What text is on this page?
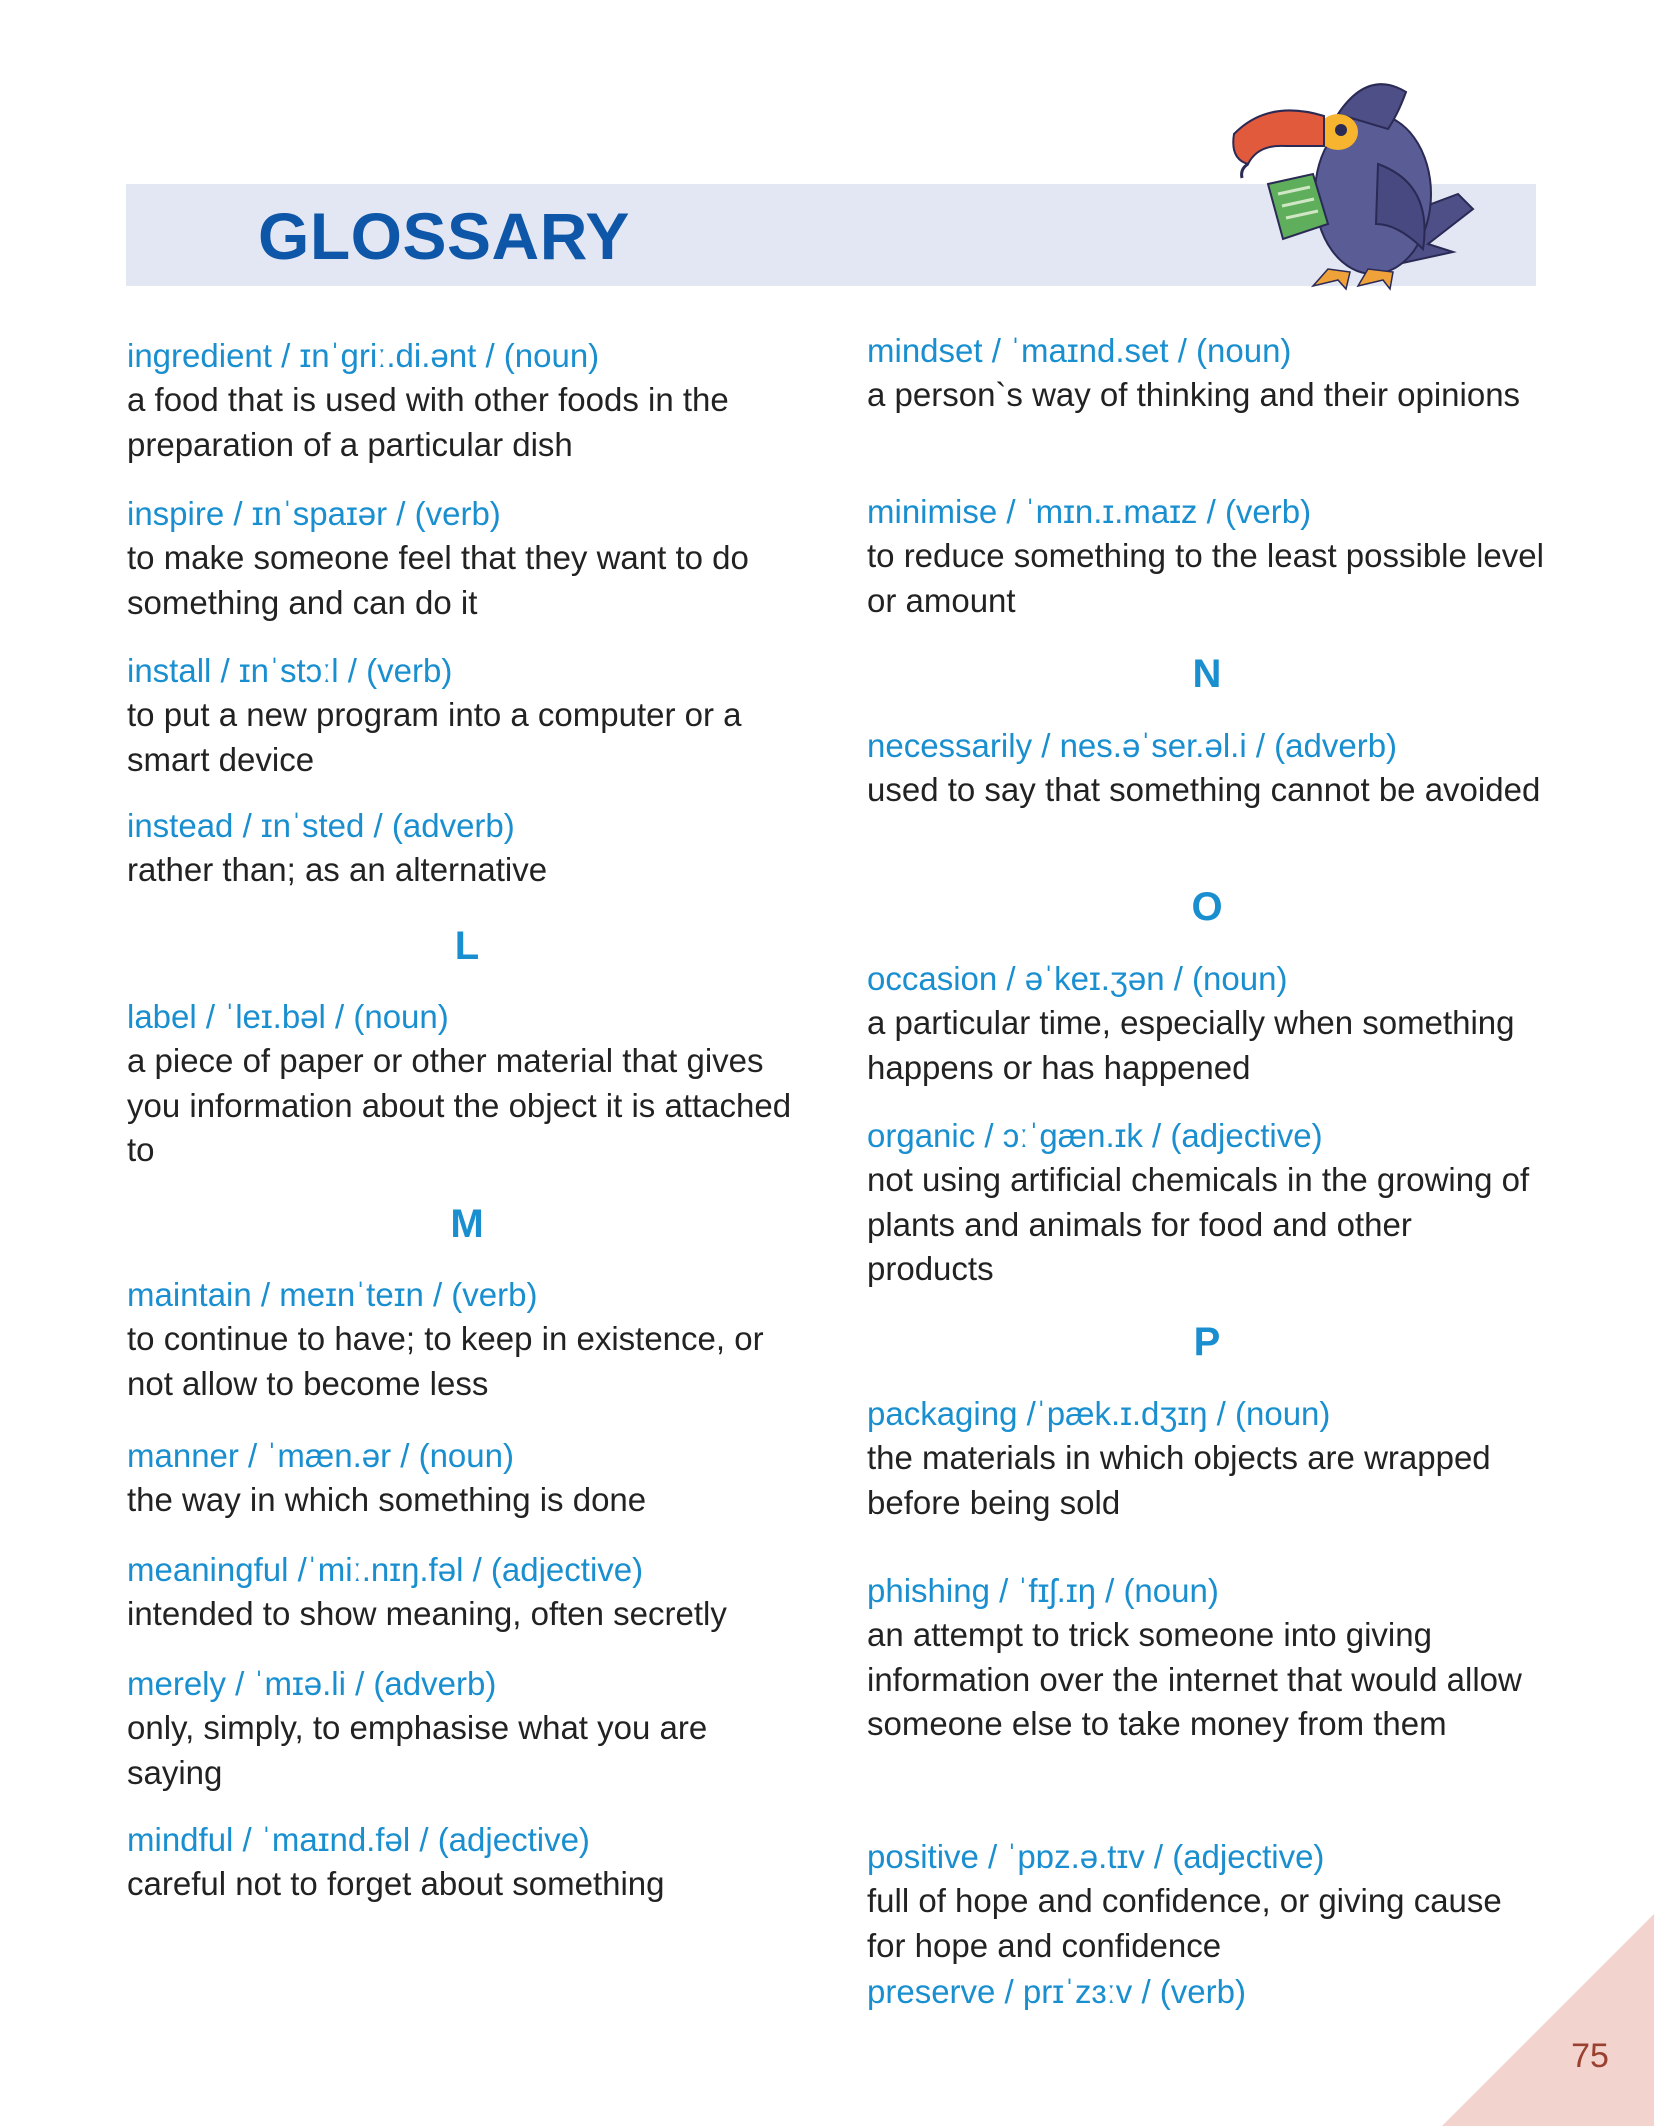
GLOSSARY
ingredient / ɪnˈɡriː.di.ənt / (noun)
a food that is used with other foods in the preparation of a particular dish
inspire / ɪnˈspaɪər / (verb)
to make someone feel that they want to do something and can do it
install / ɪnˈstɔːl / (verb)
to put a new program into a computer or a smart device
instead / ɪnˈsted / (adverb)
rather than; as an alternative
L
label / ˈleɪ.bəl / (noun)
a piece of paper or other material that gives you information about the object it is attached to
M
maintain / meɪnˈteɪn / (verb)
to continue to have; to keep in existence, or not allow to become less
manner / ˈmæn.ər / (noun)
the way in which something is done
meaningful /ˈmiː.nɪŋ.fəl / (adjective)
intended to show meaning, often secretly
merely / ˈmɪə.li / (adverb)
only, simply, to emphasise what you are saying
mindful / ˈmaɪnd.fəl / (adjective)
careful not to forget about something
mindset / ˈmaɪnd.set / (noun)
a person`s way of thinking and their opinions
minimise / ˈmɪn.ɪ.maɪz / (verb)
to reduce something to the least possible level or amount
N
necessarily / nes.əˈser.əl.i / (adverb)
used to say that something cannot be avoided
O
occasion / əˈkeɪ.ʒən / (noun)
a particular time, especially when something happens or has happened
organic / ɔːˈɡæn.ɪk / (adjective)
not using artificial chemicals in the growing of plants and animals for food and other products
P
packaging /ˈpæk.ɪ.dʒɪŋ / (noun)
the materials in which objects are wrapped before being sold
phishing / ˈfɪʃ.ɪŋ / (noun)
an attempt to trick someone into giving information over the internet that would allow someone else to take money from them
positive / ˈpɒz.ə.tɪv / (adjective)
full of hope and confidence, or giving cause for hope and confidence
preserve / prɪˈzɜːv / (verb)
75
